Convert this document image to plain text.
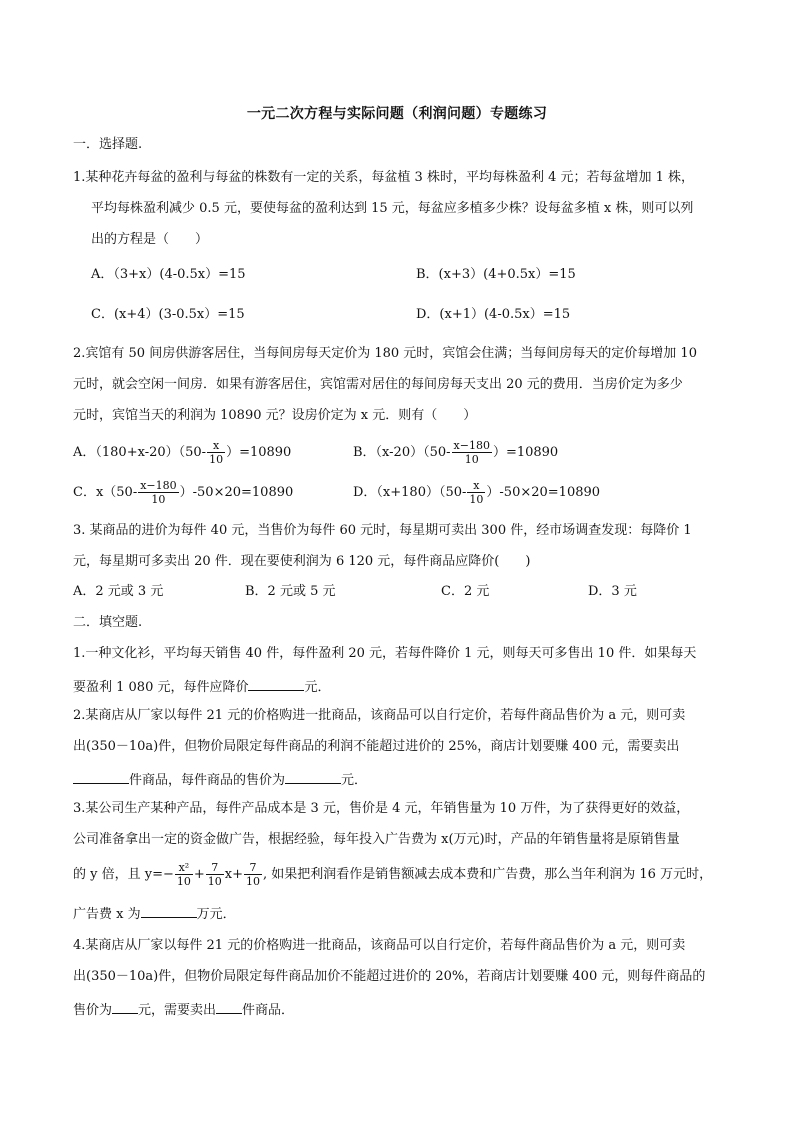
一元二次方程与实际问题（利润问题）专题练习
一．选择题.
1.某种花卉每盆的盈利与每盆的株数有一定的关系，每盆植 3 株时，平均每株盈利 4 元；若每盆增加 1 株，
平均每株盈利减少 0.5 元，要使每盆的盈利达到 15 元，每盆应多植多少株？设每盆多植 x 株，则可以列
出的方程是（　　）
A．（3+x）(4-0.5x）=15	B．(x+3）(4+0.5x）=15
C．(x+4）(3-0.5x）=15	D．(x+1）(4-0.5x）=15
2.宾馆有 50 间房供游客居住，当每间房每天定价为 180 元时，宾馆会住满；当每间房每天的定价每增加 10
元时，就会空闲一间房．如果有游客居住，宾馆需对居住的每间房每天支出 20 元的费用．当房价定为多少
元时，宾馆当天的利润为 10890 元？设房价定为 x 元．则有（　　）
A．$(180+x-20)(50- \frac{x}{10} )=10890$	B．$(x-20)(50- \frac{x-180}{10} )=10890$
C．$x(50- \frac{x-180}{10} )-50\times 20=10890$	D．$(x+180)(50- \frac{x}{10} )-50\times 20=10890$
3. 某商品的进价为每件 40 元，当售价为每件 60 元时，每星期可卖出 300 件，经市场调查发现：每降价 1
元，每星期可多卖出 20 件．现在要使利润为 6 120 元，每件商品应降价(　　)
A．2 元或 3 元	B．2 元或 5 元	C．2 元	D．3 元
二．填空题.
1.一种文化衫，平均每天销售 40 件，每件盈利 20 元，若每件降价 1 元，则每天可多售出 10 件．如果每天
要盈利 1 080 元，每件应降价	元．
2.某商店从厂家以每件 21 元的价格购进一批商品，该商品可以自行定价，若每件商品售价为 a 元，则可卖
出(350－10a)件，但物价局限定每件商品的利润不能超过进价的 25%，商店计划要赚 400 元，需要卖出
件商品，每件商品的售价为	元．
3.某公司生产某种产品，每件产品成本是 3 元，售价是 4 元，年销售量为 10 万件，为了获得更好的效益，
公司准备拿出一定的资金做广告，根据经验，每年投入广告费为 x(万元)时，产品的年销售量将是原销售量
的 y 倍，且 $y=- \frac{\text{x²}}{10} + \frac{7}{10} x+ \frac{7}{10}$ , 如果把利润看作是销售额减去成本费和广告费，那么当年利润为 16 万元时，
广告费 x 为	万元．
4.某商店从厂家以每件 21 元的价格购进一批商品，该商品可以自行定价，若每件商品售价为 a 元，则可卖
出(350－10a)件，但物价局限定每件商品加价不能超过进价的 20%，若商店计划要赚 400 元，则每件商品的
售价为 元，需要卖出 件商品．
